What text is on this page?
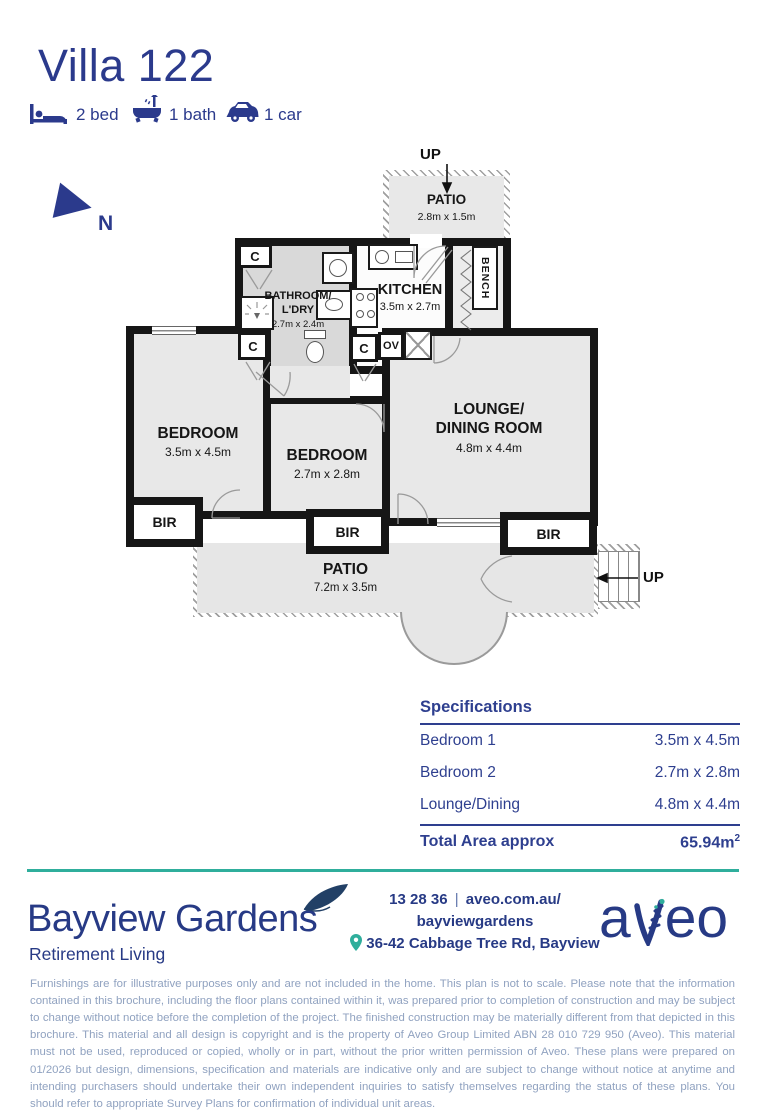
Villa 122
2 bed	1 bath	1 car
N
UP
PATIO
2.8m x 1.5m
PATIO
7.2m x 3.5m
UP
BIR
BIR	BIR
C
C	C	OV
BENCH
BATHROOM/
L'DRY
2.7m x 2.4m
KITCHEN
3.5m x 2.7m
BEDROOM
3.5m x 4.5m	BEDROOM
2.7m x 2.8m
LOUNGE/
DINING ROOM
4.8m x 4.4m
Specifications
Bedroom 1	3.5m x 4.5m
Bedroom 2	2.7m x 2.8m
Lounge/Dining	4.8m x 4.4m
Total Area approx	$65.94m^2$
Bayview Gardens
Retirement Living
13 28 36 | aveo.com.au/
bayviewgardens
36-42 Cabbage Tree Rd, Bayview a eo
Furnishings are for illustrative purposes only and are not included in the home. This plan is not to scale. Please note that the information contained in this brochure, including the floor plans contained within it, was prepared prior to completion of construction and may be subject to change without notice before the completion of the project. The finished construction may be materially different from that depicted in this brochure. This material and all design is copyright and is the property of Aveo Group Limited ABN 28 010 729 950 (Aveo). This material must not be used, reproduced or copied, wholly or in part, without the prior written permission of Aveo. These plans were prepared on 01/2026 but design, dimensions, specification and materials are indicative only and are subject to change without notice at anytime and intending purchasers should undertake their own independent inquiries to satisfy themselves regarding the status of these plans. You should refer to appropriate Survey Plans for confirmation of individual unit areas.
